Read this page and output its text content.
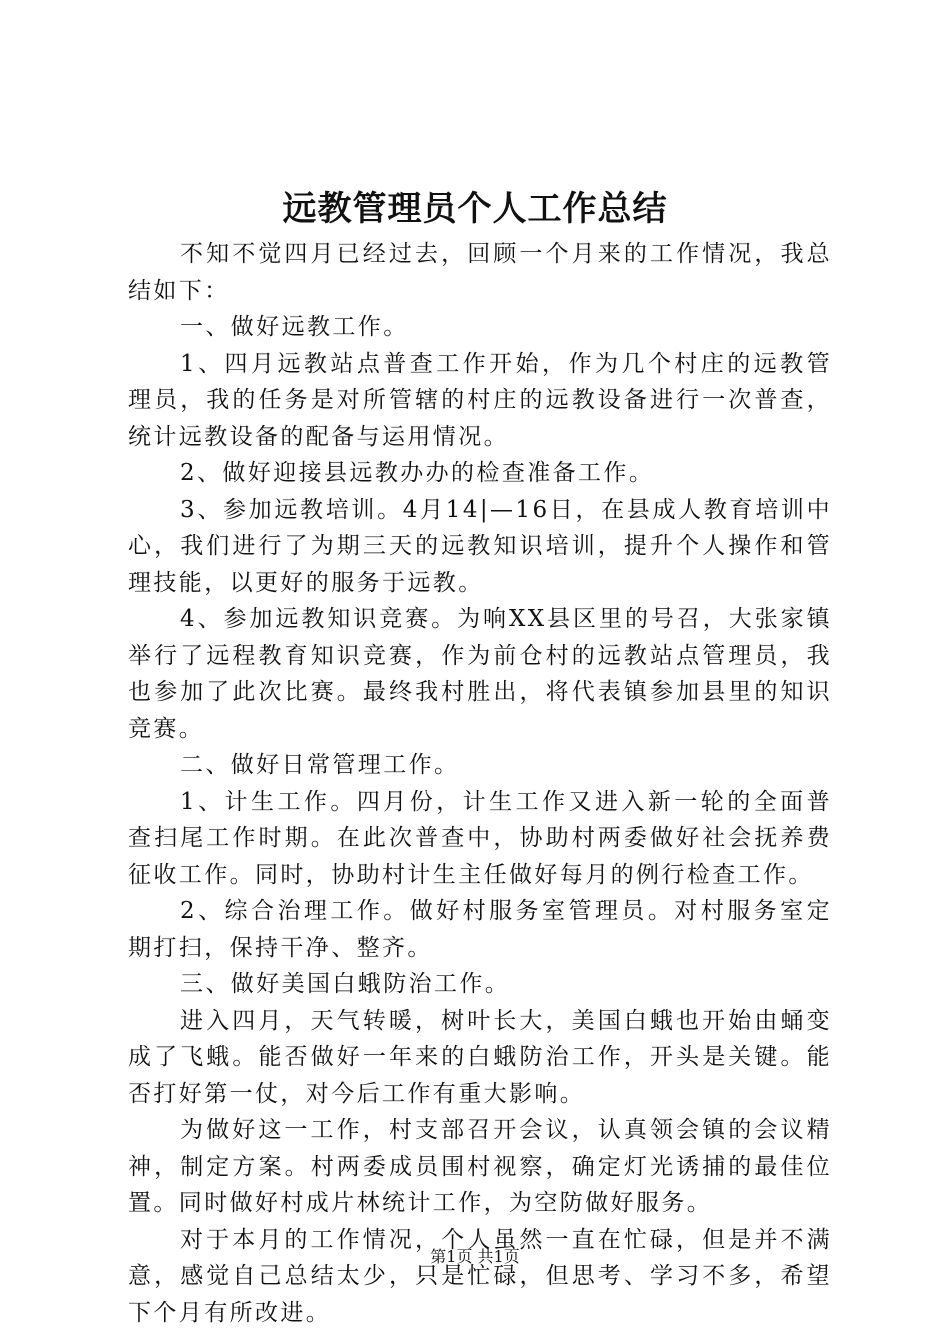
远教管理员个人工作总结

不知不觉四月已经过去，回顾一个月来的工作情况，我总结如下：

一、做好远教工作。

1、四月远教站点普查工作开始，作为几个村庄的远教管理员，我的任务是对所管辖的村庄的远教设备进行一次普查，统计远教设备的配备与运用情况。

2、做好迎接县远教办办的检查准备工作。

3、参加远教培训。4月14|—16日，在县成人教育培训中心，我们进行了为期三天的远教知识培训，提升个人操作和管理技能，以更好的服务于远教。

4、参加远教知识竞赛。为响XX县区里的号召，大张家镇举行了远程教育知识竞赛，作为前仓村的远教站点管理员，我也参加了此次比赛。最终我村胜出，将代表镇参加县里的知识竞赛。

二、做好日常管理工作。

1、计生工作。四月份，计生工作又进入新一轮的全面普查扫尾工作时期。在此次普查中，协助村两委做好社会抚养费征收工作。同时，协助村计生主任做好每月的例行检查工作。

2、综合治理工作。做好村服务室管理员。对村服务室定期打扫，保持干净、整齐。

三、做好美国白蛾防治工作。

进入四月，天气转暖，树叶长大，美国白蛾也开始由蛹变成了飞蛾。能否做好一年来的白蛾防治工作，开头是关键。能否打好第一仗，对今后工作有重大影响。

为做好这一工作，村支部召开会议，认真领会镇的会议精神，制定方案。村两委成员围村视察，确定灯光诱捕的最佳位置。同时做好村成片林统计工作，为空防做好服务。

对于本月的工作情况，个人虽然一直在忙碌，但是并不满意，感觉自己总结太少，只是忙碌，但思考、学习不多，希望下个月有所改进。

第1页 共1页
